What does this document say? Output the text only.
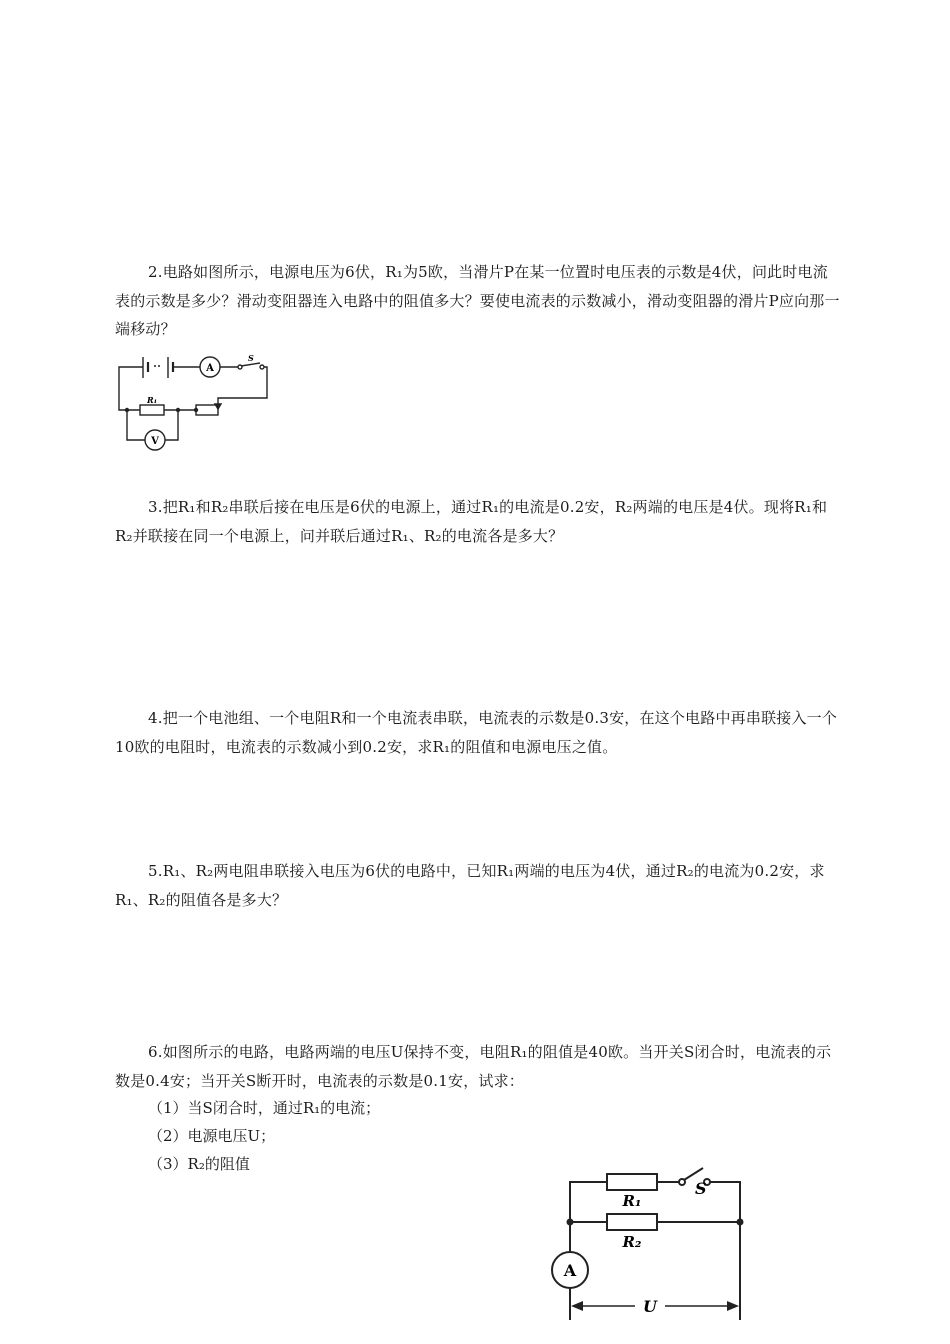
2.电路如图所示，电源电压为6伏，R₁为5欧，当滑片P在某一位置时电压表的示数是4伏，问此时电流表的示数是多少？滑动变阻器连入电路中的阻值多大？要使电流表的示数减小，滑动变阻器的滑片P应向那一端移动？

A
V
S
R₁

3.把R₁和R₂串联后接在电压是6伏的电源上，通过R₁的电流是0.2安，R₂两端的电压是4伏。现将R₁和R₂并联接在同一个电源上，问并联后通过R₁、R₂的电流各是多大？

4.把一个电池组、一个电阻R和一个电流表串联，电流表的示数是0.3安，在这个电路中再串联接入一个10欧的电阻时，电流表的示数减小到0.2安，求R₁的阻值和电源电压之值。

5.R₁、R₂两电阻串联接入电压为6伏的电路中，已知R₁两端的电压为4伏，通过R₂的电流为0.2安，求R₁、R₂的阻值各是多大？

6.如图所示的电路，电路两端的电压U保持不变，电阻R₁的阻值是40欧。当开关S闭合时，电流表的示数是0.4安；当开关S断开时，电流表的示数是0.1安，试求：

（1）当S闭合时，通过R₁的电流；

（2）电源电压U；

（3）R₂的阻值

R₁
R₂
S
A
U
